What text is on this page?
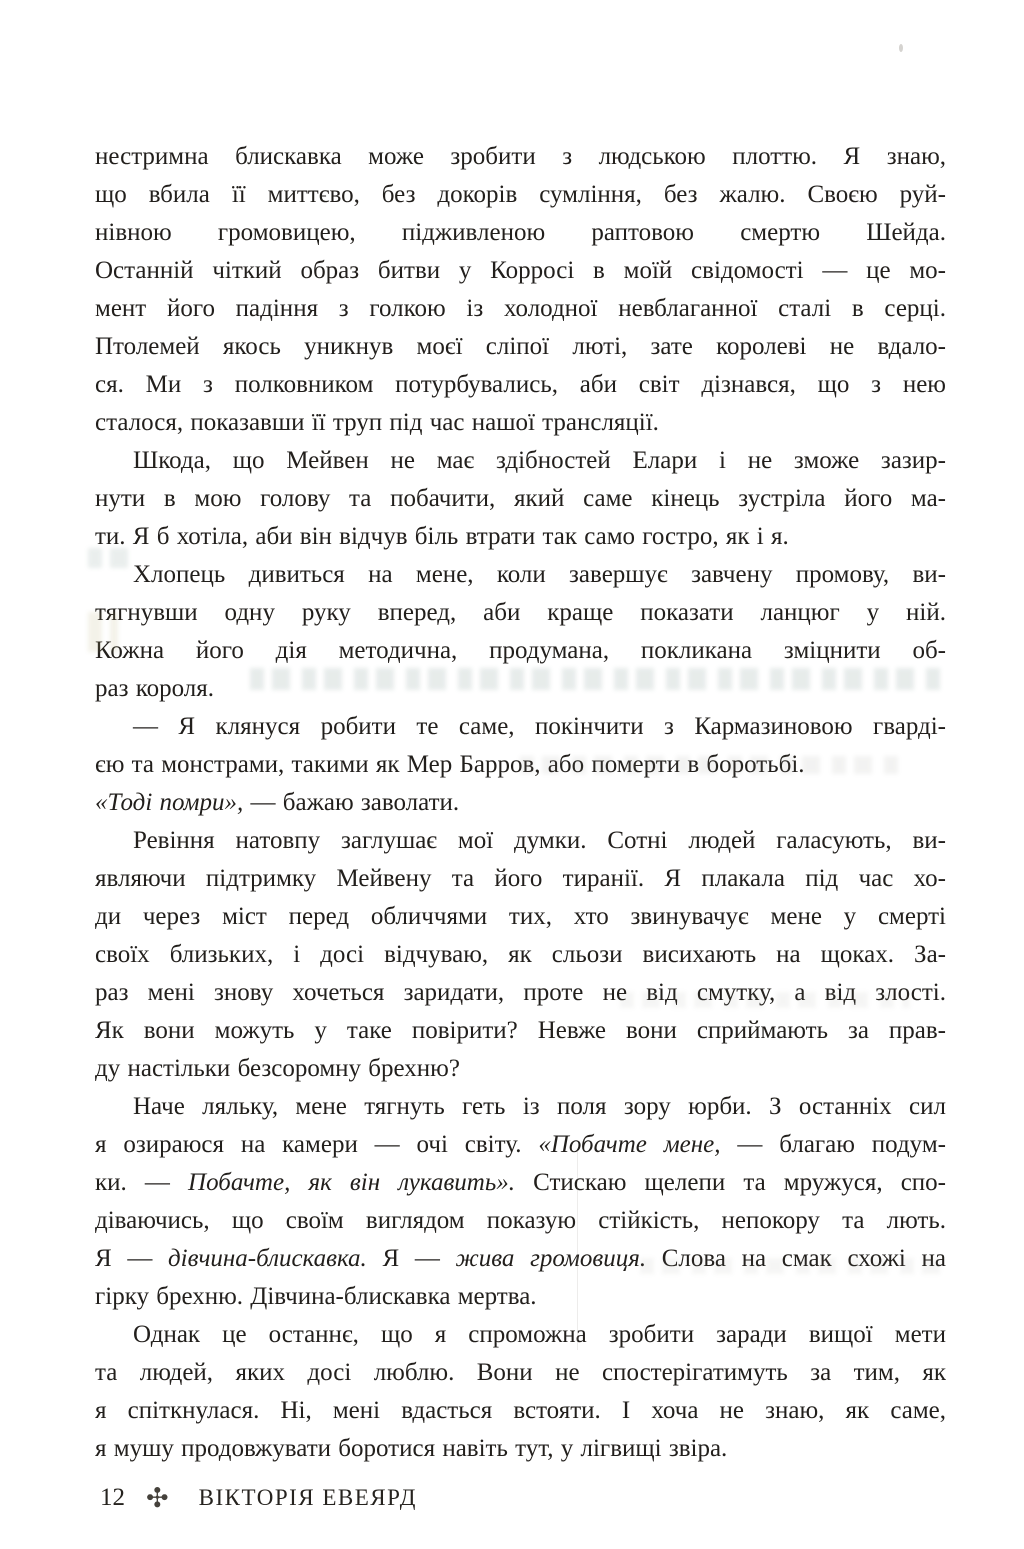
нестримна блискавка може зробити з людською плоттю. Я знаю,
що вбила її миттєво, без докорів сумління, без жалю. Своєю руй-
нівною громовицею, підживленою раптовою смертю Шейда.
Останній чіткий образ битви у Корросі в моїй свідомості — це мо-
мент його падіння з голкою із холодної невблаганної сталі в серці.
Птолемей якось уникнув моєї сліпої люті, зате королеві не вдало-
ся. Ми з полковником потурбувались, аби світ дізнався, що з нею
сталося, показавши її труп під час нашої трансляції.
Шкода, що Мейвен не має здібностей Елари і не зможе зазир-
нути в мою голову та побачити, який саме кінець зустріла його ма-
ти. Я б хотіла, аби він відчув біль втрати так само гостро, як і я.
Хлопець дивиться на мене, коли завершує завчену промову, ви-
тягнувши одну руку вперед, аби краще показати ланцюг у ній.
Кожна його дія методична, продумана, покликана зміцнити об-
раз короля.
— Я клянуся робити те саме, покінчити з Кармазиновою гварді-
єю та монстрами, такими як Мер Барров, або померти в боротьбі.
«Тоді помри», — бажаю заволати.
Ревіння натовпу заглушає мої думки. Сотні людей галасують, ви-
являючи підтримку Мейвену та його тиранії. Я плакала під час хо-
ди через міст перед обличчями тих, хто звинувачує мене у смерті
своїх близьких, і досі відчуваю, як сльози висихають на щоках. За-
раз мені знову хочеться заридати, проте не від смутку, а від злості.
Як вони можуть у таке повірити? Невже вони сприймають за прав-
ду настільки безсоромну брехню?
Наче ляльку, мене тягнуть геть із поля зору юрби. З останніх сил
я озираюся на камери — очі світу. «Побачте мене, — благаю подум-
ки. — Побачте, як він лукавить». Стискаю щелепи та мружуся, спо-
діваючись, що своїм виглядом показую стійкість, непокору та лють.
Я — дівчина-блискавка. Я — жива громовиця. Слова на смак схожі на
гірку брехню. Дівчина-блискавка мертва.
Однак це останнє, що я спроможна зробити заради вищої мети
та людей, яких досі люблю. Вони не спостерігатимуть за тим, як
я спіткнулася. Ні, мені вдасться встояти. І хоча не знаю, як саме,
я мушу продовжувати боротися навіть тут, у лігвищі звіра.
12 ✣ ВІКТОРІЯ ЕВЕЯРД
